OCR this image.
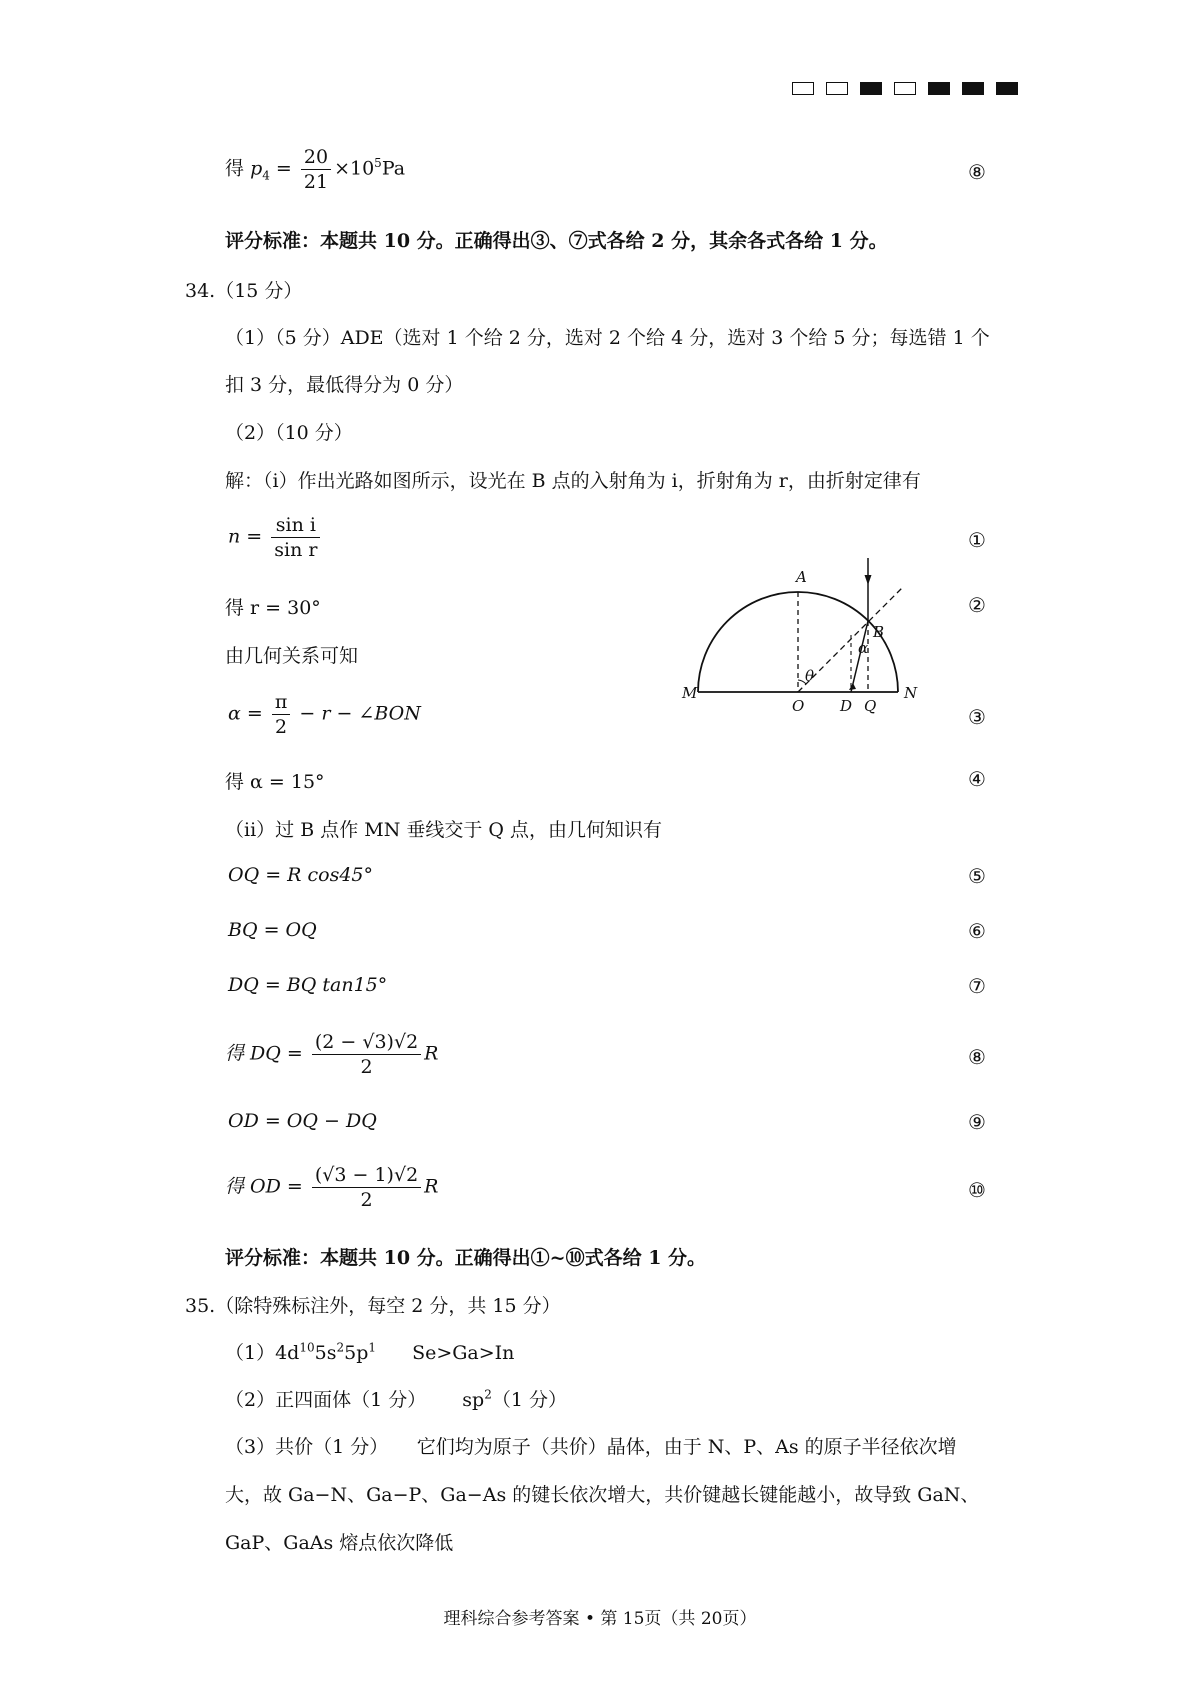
得 $p_4 = \frac{20}{21} \times 10^5Pa$	⑧
评分标准：本题共 10 分。正确得出③、⑦式各给 2 分，其余各式各给 1 分。
34.（15 分）
（1）（5 分）ADE（选对 1 个给 2 分，选对 2 个给 4 分，选对 3 个给 5 分；每选错 1 个
扣 3 分，最低得分为 0 分）
（2）（10 分）
解：（i）作出光路如图所示，设光在 B 点的入射角为 i，折射角为 r，由折射定律有
$n = \frac{\text{sin i}}{\text{sin r}}$	①
得 r = 30°	②
由几何关系可知
$\alpha = \frac{\pi}{2} - r$ − ∠BON	③
得 α = 15°	④
（ii）过 B 点作 MN 垂线交于 Q 点，由几何知识有
OQ = R cos45°	⑤
BQ = OQ	⑥
DQ = BQ tan15°	⑦
得 DQ = $\frac{(2 - √3)√2}{2}$ R	⑧
OD = OQ − DQ	⑨
得 OD = $\frac{(√3 - 1)√2}{2}$ R	⑩
评分标准：本题共 10 分。正确得出①~⑩式各给 1 分。
A
B
M	N
O D Q
θ
α
35.（除特殊标注外，每空 2 分，共 15 分）
$(1)4d^{10}5s^25p^1$ Se>Ga>In
（2）正四面体（1 分） $sp^2(1$ 分）
（3）共价（1 分）　　它们均为原子（共价）晶体，由于 N、P、As 的原子半径依次增
大，故 Ga−N、Ga−P、Ga−As 的键长依次增大，共价键越长键能越小，故导致 GaN、
GaP、GaAs 熔点依次降低
理科综合参考答案 • 第 15页（共 20页）
